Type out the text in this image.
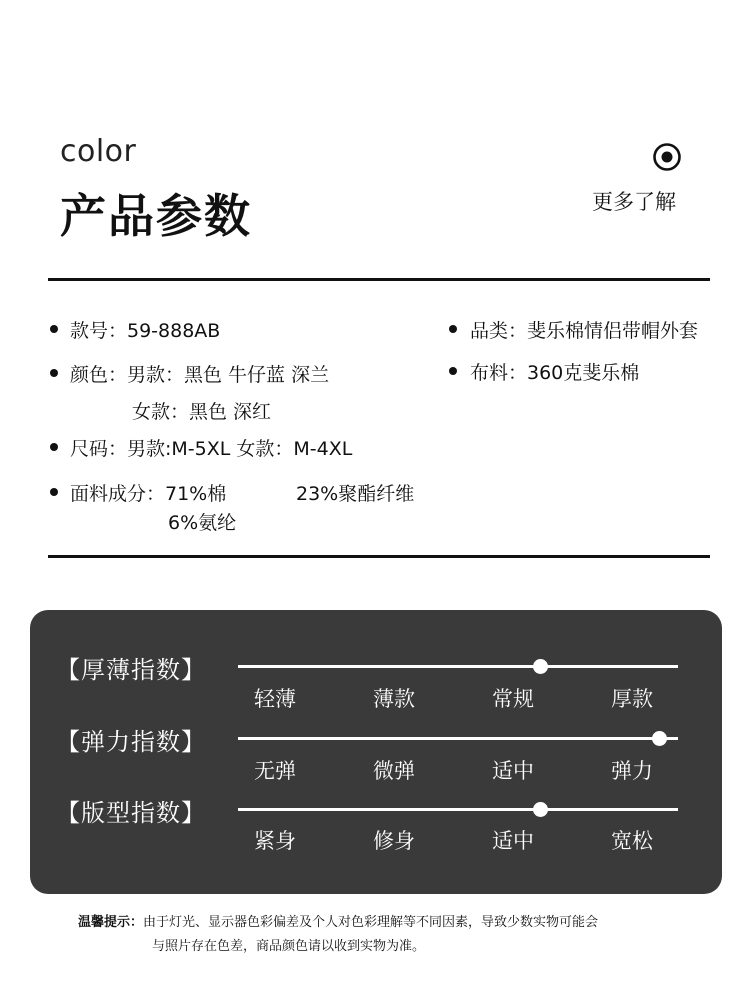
color
产品参数	更多了解
款号：59-888AB	品类：斐乐棉情侣带帽外套
颜色：男款：黑色 牛仔蓝 深兰	布料：360克斐乐棉
女款：黑色 深红
尺码：男款:M-5XL 女款：M-4XL
面料成分：71%棉	23%聚酯纤维
6%氨纶
【厚薄指数】
轻薄	薄款	常规	厚款
【弹力指数】
无弹	微弹	适中	弹力
【版型指数】
紧身	修身	适中	宽松
温馨提示：由于灯光、显示器色彩偏差及个人对色彩理解等不同因素，导致少数实物可能会
与照片存在色差，商品颜色请以收到实物为准。
